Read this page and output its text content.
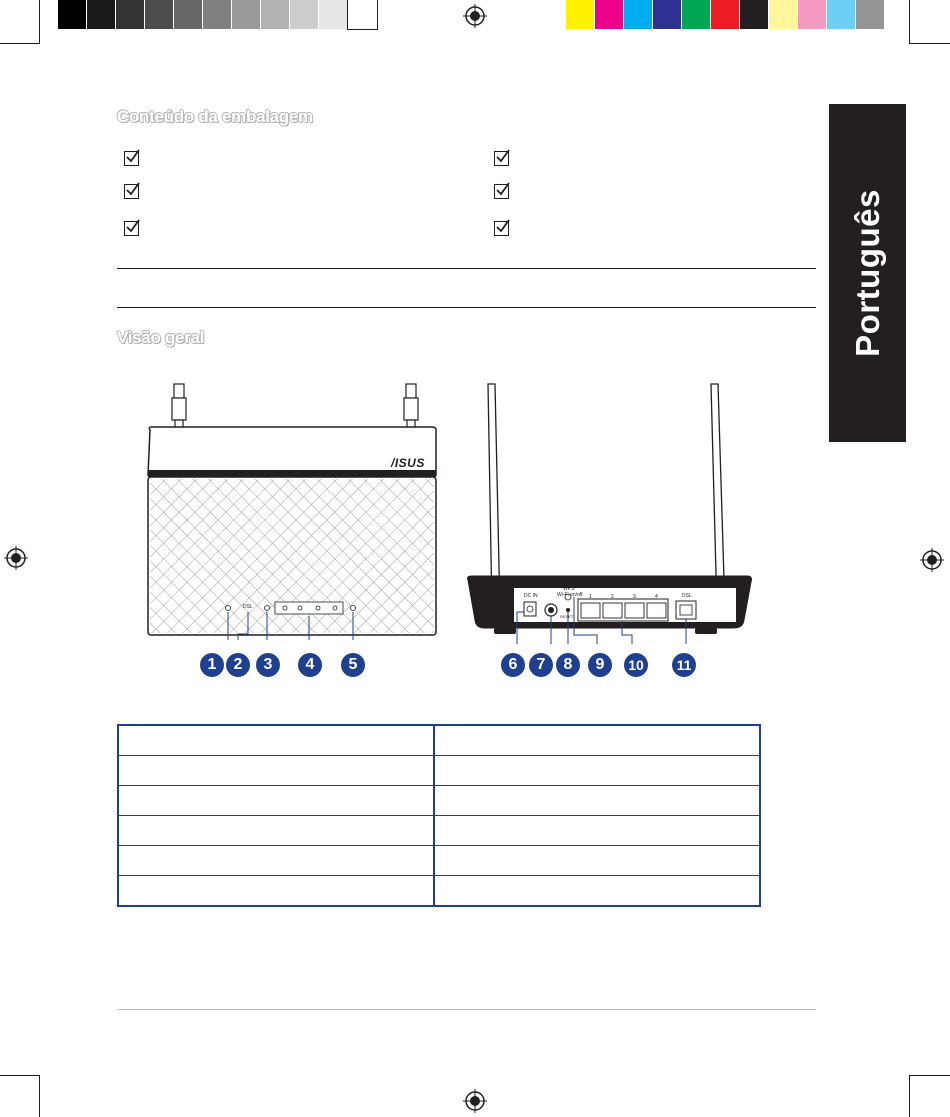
Conteúdo da embalagem
Visão geral	Português
/ISUS
DSL
DC IN
WPS
Wi-Fi on/off
RESET
DSL
1	2	3	4
1	2	3	4	5	6	7	8	9	10	11
